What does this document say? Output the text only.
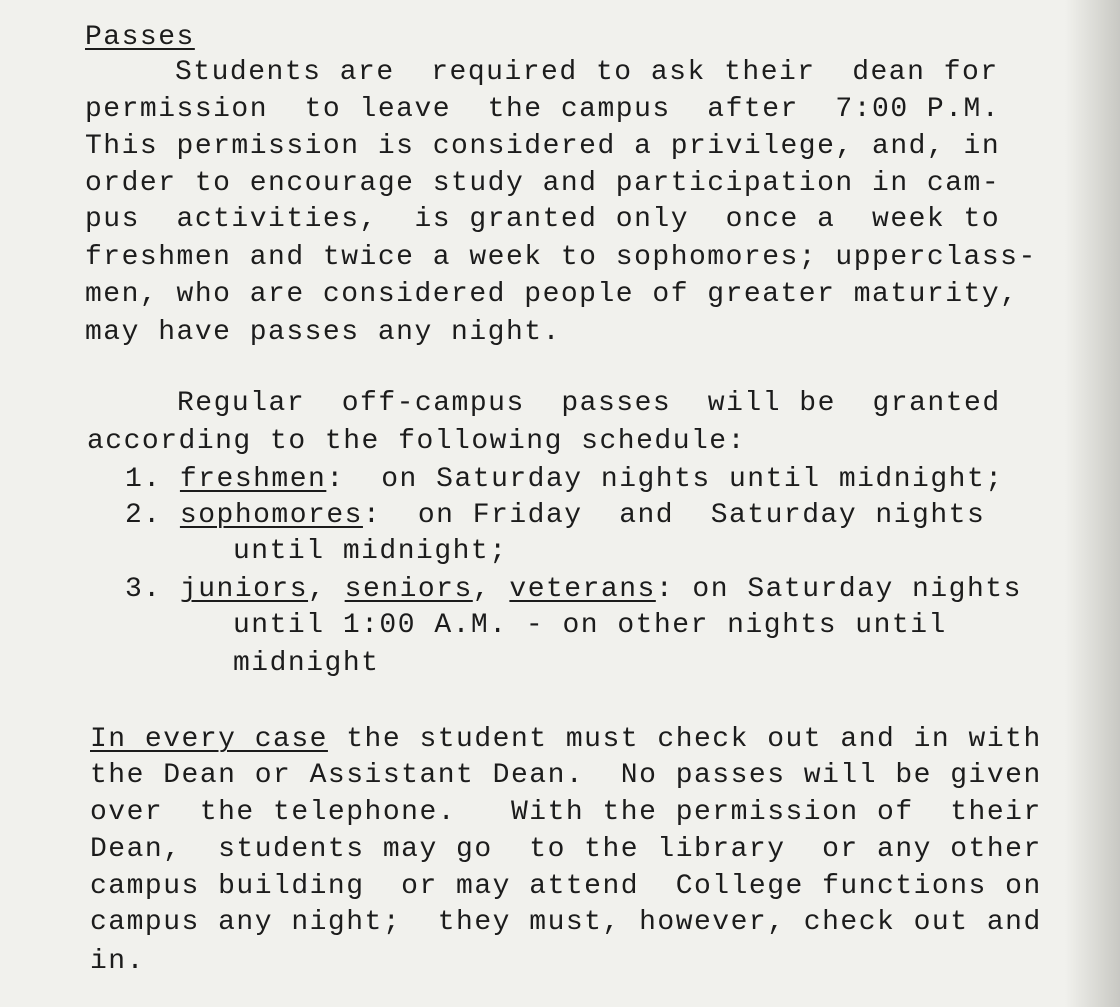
Passes
Students are  required to ask their  dean for
permission  to leave  the campus  after  7:00 P.M.
This permission is considered a privilege, and, in
order to encourage study and participation in cam-
pus  activities,  is granted only  once a  week to
freshmen and twice a week to sophomores; upperclass-
men, who are considered people of greater maturity,
may have passes any night.
Regular  off-campus  passes  will be  granted
according to the following schedule:
1. freshmen:  on Saturday nights until midnight;
2. sophomores:  on Friday  and  Saturday nights
until midnight;
3. juniors, seniors, veterans: on Saturday nights
until 1:00 A.M. - on other nights until
midnight
In every case the student must check out and in with
the Dean or Assistant Dean.  No passes will be given
over  the telephone.   With the permission of  their
Dean,  students may go  to the library  or any other
campus building  or may attend  College functions on
campus any night;  they must, however, check out and
in.
